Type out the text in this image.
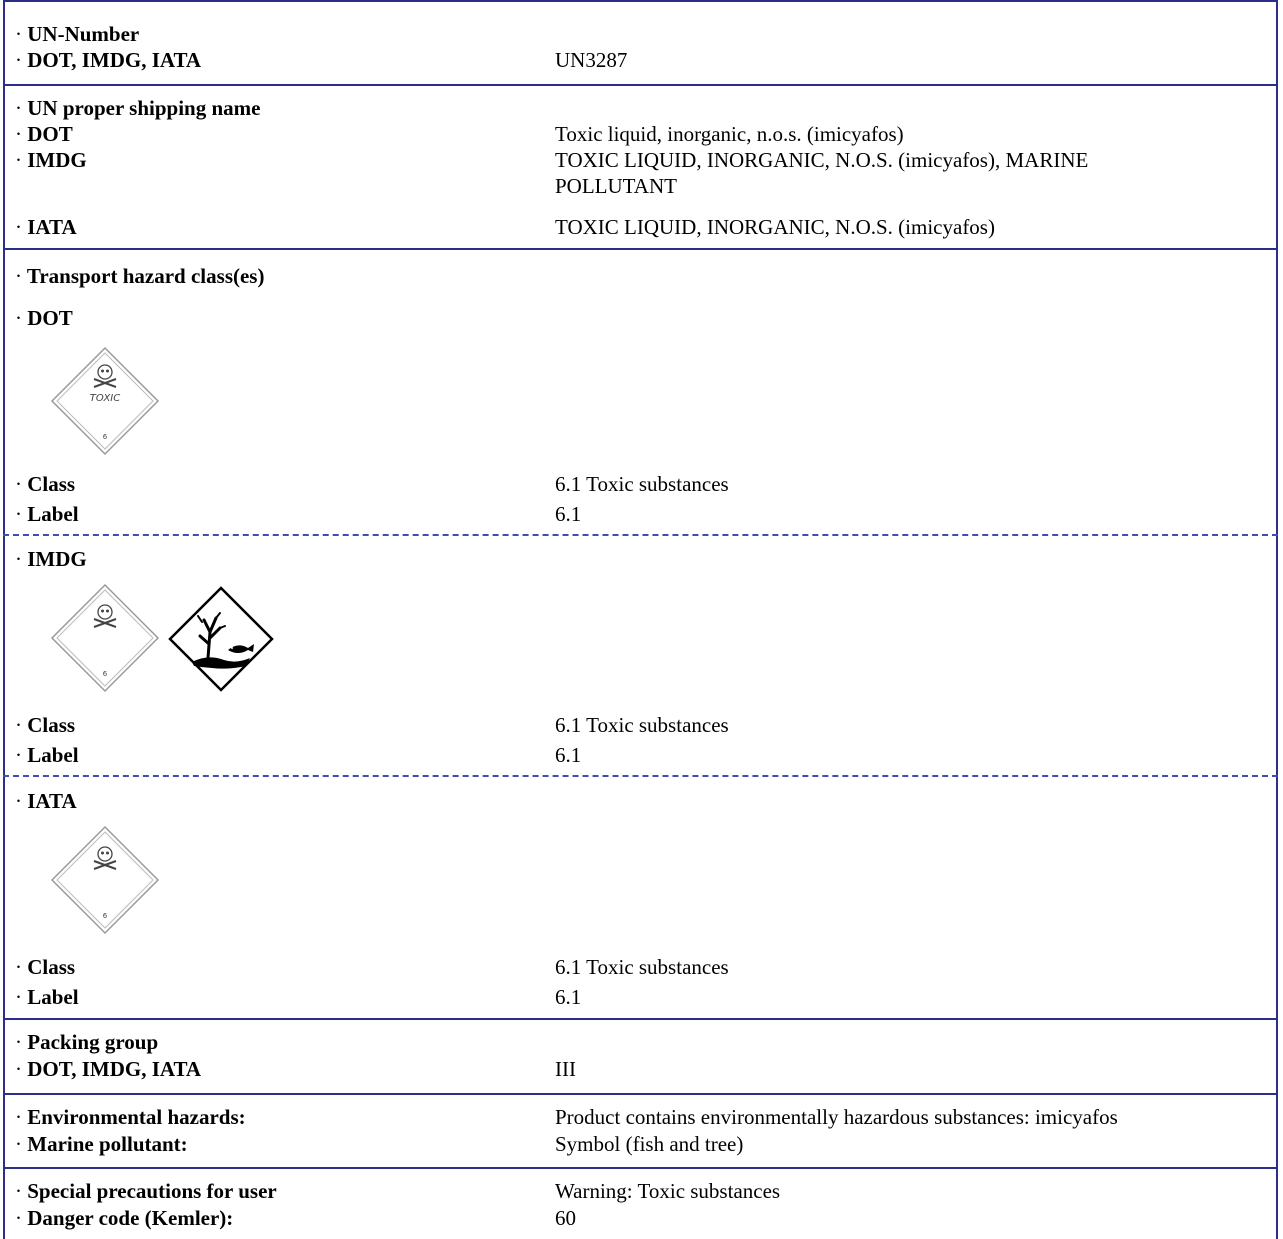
· UN-Number
· DOT, IMDG, IATA	UN3287
· UN proper shipping name
· DOT	Toxic liquid, inorganic, n.o.s. (imicyafos)
· IMDG	TOXIC LIQUID, INORGANIC, N.O.S. (imicyafos), MARINE
POLLUTANT
· IATA	TOXIC LIQUID, INORGANIC, N.O.S. (imicyafos)
· Transport hazard class(es)
· DOT
TOXIC
6
· Class	6.1 Toxic substances
· Label	6.1
· IMDG
6
· Class	6.1 Toxic substances
· Label	6.1
· IATA
6
· Class	6.1 Toxic substances
· Label	6.1
· Packing group
· DOT, IMDG, IATA	III
· Environmental hazards:	Product contains environmentally hazardous substances: imicyafos
· Marine pollutant:	Symbol (fish and tree)
· Special precautions for user	Warning: Toxic substances
· Danger code (Kemler):	60
